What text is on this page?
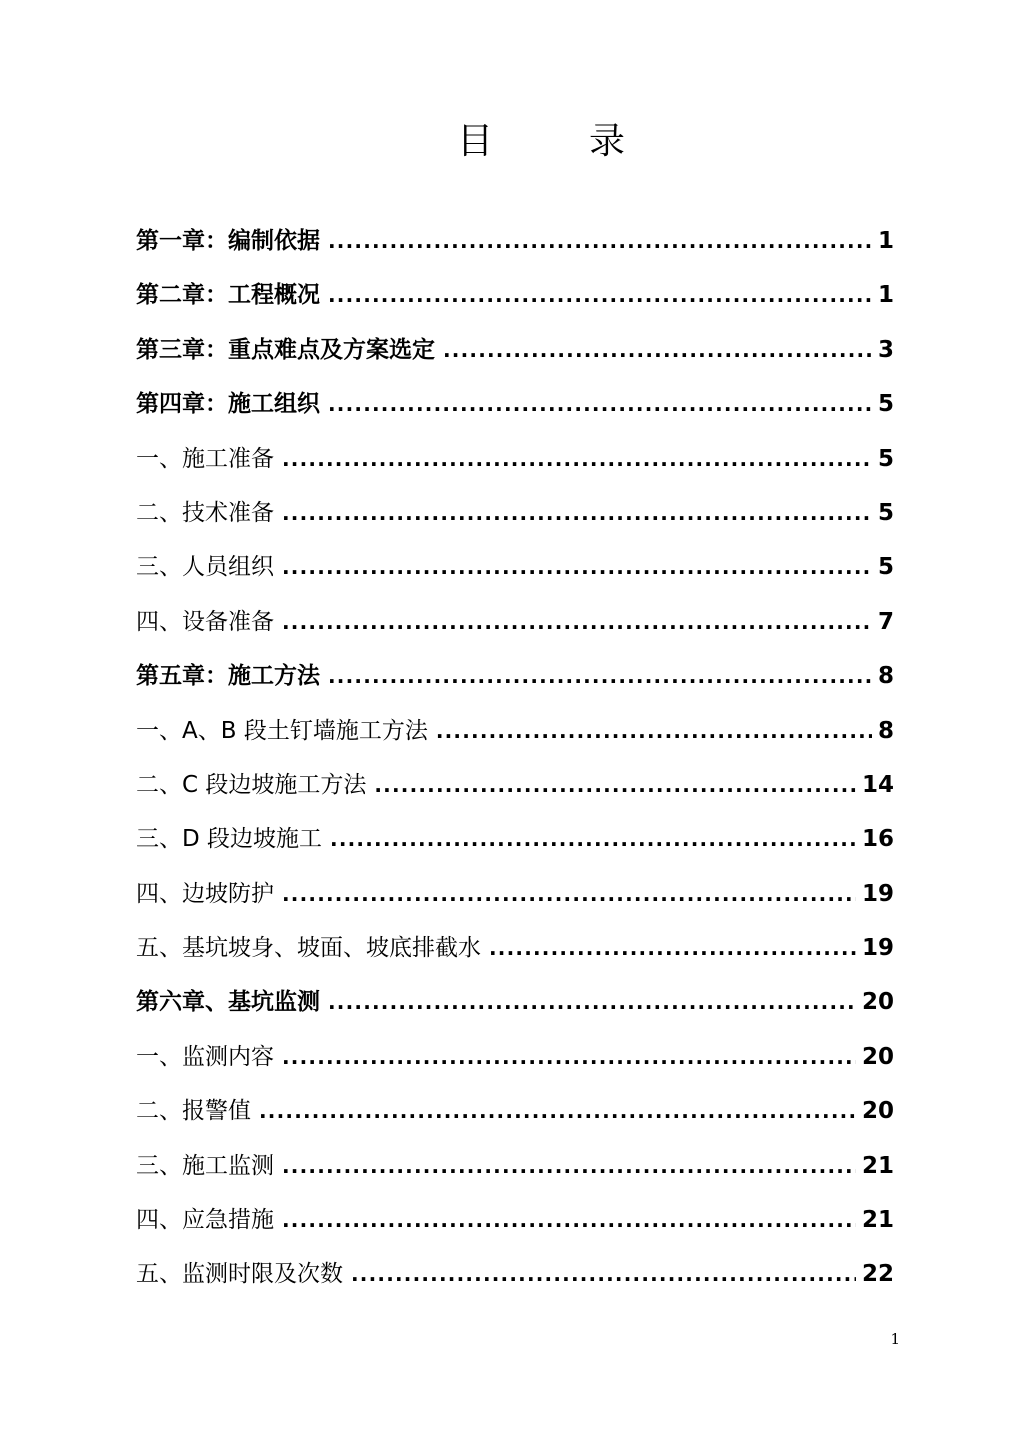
目　录
第一章：编制依据 .....	1
第二章：工程概况 .....	1
第三章：重点难点及方案选定 .....	3
第四章：施工组织 .....	5
一、施工准备 .....	5
二、技术准备 .....	5
三、人员组织 .....	5
四、设备准备 .....	7
第五章：施工方法 .....	8
一、A、B 段土钉墙施工方法 .....	8
二、C 段边坡施工方法 .....	14
三、D 段边坡施工 .....	16
四、边坡防护 .....	19
五、基坑坡身、坡面、坡底排截水 .....	19
第六章、基坑监测 .....	20
一、监测内容 .....	20
二、报警值 .....	20
三、施工监测 .....	21
四、应急措施 .....	21
五、监测时限及次数 .....	22
1
